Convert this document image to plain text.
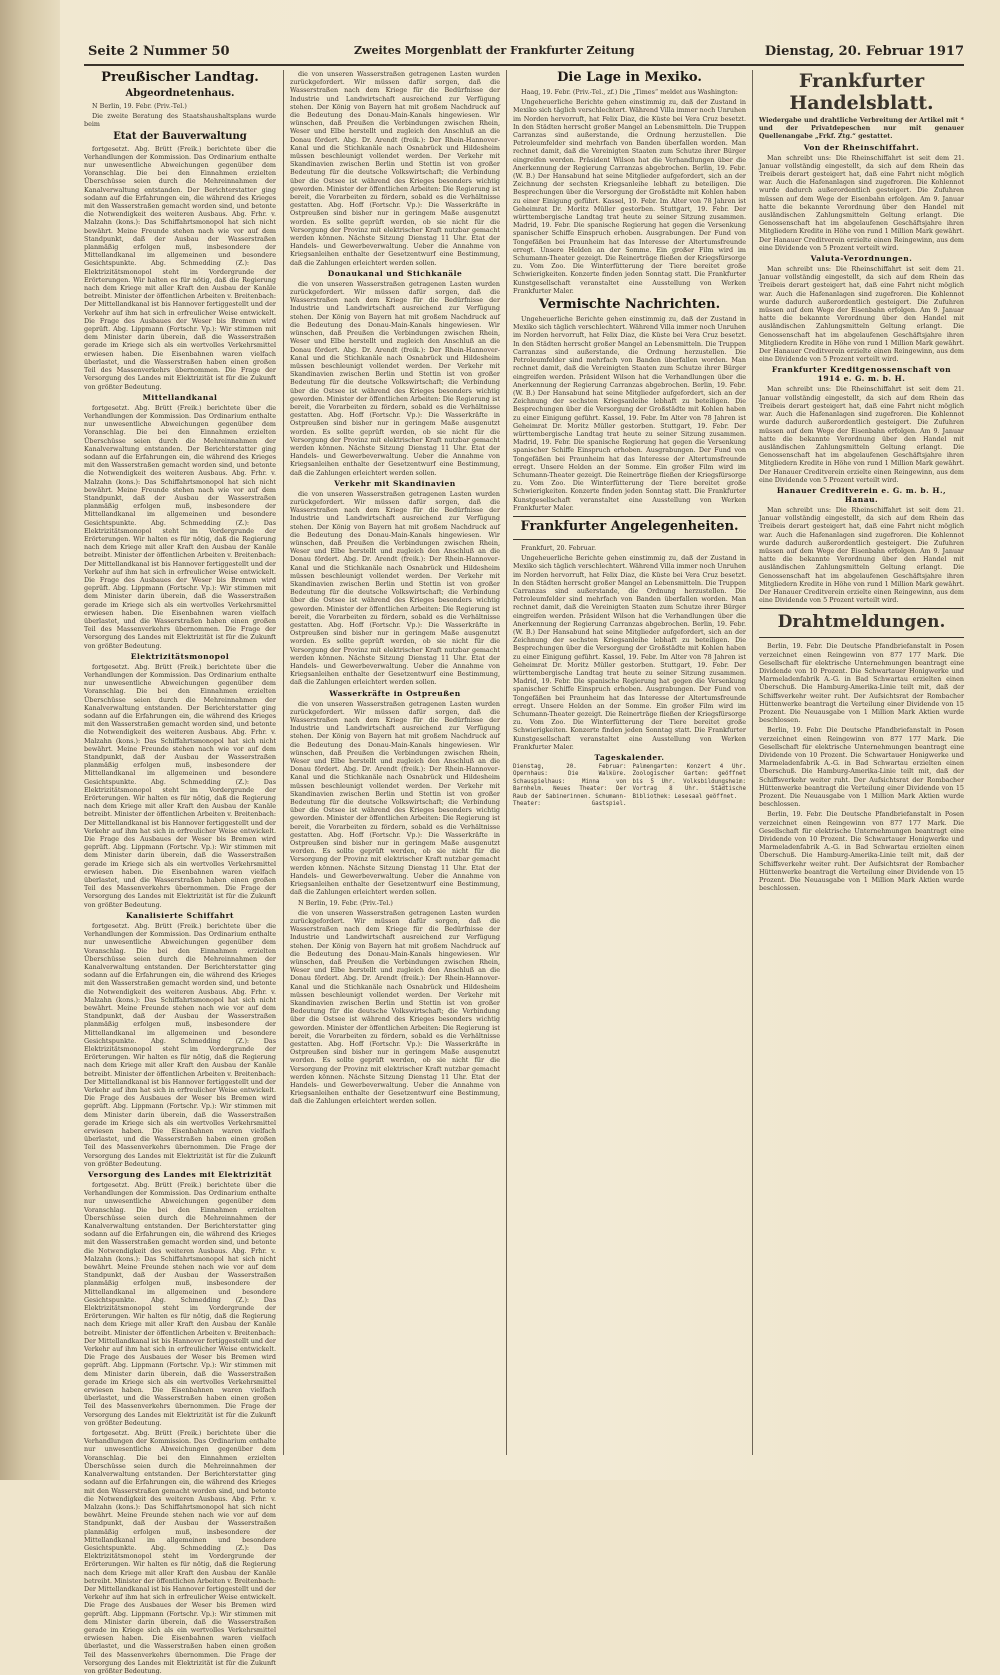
Seite 2 Nummer 50	Zweites Morgenblatt der Frankfurter Zeitung	Dienstag, 20. Februar 1917

Preußischer Landtag.

Abgeordnetenhaus.

N Berlin, 19. Febr. (Priv.-Tel.)

Die zweite Beratung des Staatshaushaltsplans wurde beim

Etat der Bauverwaltung

fortgesetzt. Abg. Brütt (Freik.) berichtete über die Verhandlungen der Kommission. Das Ordinarium enthalte nur unwesentliche Abweichungen gegenüber dem Voranschlag. Die bei den Einnahmen erzielten Überschüsse seien durch die Mehreinnahmen der Kanalverwaltung entstanden. Der Berichterstatter ging sodann auf die Erfahrungen ein, die während des Krieges mit den Wasserstraßen gemacht worden sind, und betonte die Notwendigkeit des weiteren Ausbaus. Abg. Frhr. v. Malzahn (kons.): Das Schiffahrtsmonopol hat sich nicht bewährt. Meine Freunde stehen nach wie vor auf dem Standpunkt, daß der Ausbau der Wasserstraßen planmäßig erfolgen muß, insbesondere der Mittellandkanal im allgemeinen und besondere Gesichtspunkte. Abg. Schmedding (Z.): Das Elektrizitätsmonopol steht im Vordergrunde der Erörterungen. Wir halten es für nötig, daß die Regierung nach dem Kriege mit aller Kraft den Ausbau der Kanäle betreibt. Minister der öffentlichen Arbeiten v. Breitenbach: Der Mittellandkanal ist bis Hannover fertiggestellt und der Verkehr auf ihm hat sich in erfreulicher Weise entwickelt. Die Frage des Ausbaues der Weser bis Bremen wird geprüft. Abg. Lippmann (Fortschr. Vp.): Wir stimmen mit dem Minister darin überein, daß die Wasserstraßen gerade im Kriege sich als ein wertvolles Verkehrsmittel erwiesen haben. Die Eisenbahnen waren vielfach überlastet, und die Wasserstraßen haben einen großen Teil des Massenverkehrs übernommen. Die Frage der Versorgung des Landes mit Elektrizität ist für die Zukunft von größter Bedeutung.

Mittellandkanal

fortgesetzt. Abg. Brütt (Freik.) berichtete über die Verhandlungen der Kommission. Das Ordinarium enthalte nur unwesentliche Abweichungen gegenüber dem Voranschlag. Die bei den Einnahmen erzielten Überschüsse seien durch die Mehreinnahmen der Kanalverwaltung entstanden. Der Berichterstatter ging sodann auf die Erfahrungen ein, die während des Krieges mit den Wasserstraßen gemacht worden sind, und betonte die Notwendigkeit des weiteren Ausbaus. Abg. Frhr. v. Malzahn (kons.): Das Schiffahrtsmonopol hat sich nicht bewährt. Meine Freunde stehen nach wie vor auf dem Standpunkt, daß der Ausbau der Wasserstraßen planmäßig erfolgen muß, insbesondere der Mittellandkanal im allgemeinen und besondere Gesichtspunkte. Abg. Schmedding (Z.): Das Elektrizitätsmonopol steht im Vordergrunde der Erörterungen. Wir halten es für nötig, daß die Regierung nach dem Kriege mit aller Kraft den Ausbau der Kanäle betreibt. Minister der öffentlichen Arbeiten v. Breitenbach: Der Mittellandkanal ist bis Hannover fertiggestellt und der Verkehr auf ihm hat sich in erfreulicher Weise entwickelt. Die Frage des Ausbaues der Weser bis Bremen wird geprüft. Abg. Lippmann (Fortschr. Vp.): Wir stimmen mit dem Minister darin überein, daß die Wasserstraßen gerade im Kriege sich als ein wertvolles Verkehrsmittel erwiesen haben. Die Eisenbahnen waren vielfach überlastet, und die Wasserstraßen haben einen großen Teil des Massenverkehrs übernommen. Die Frage der Versorgung des Landes mit Elektrizität ist für die Zukunft von größter Bedeutung.

Elektrizitätsmonopol

fortgesetzt. Abg. Brütt (Freik.) berichtete über die Verhandlungen der Kommission. Das Ordinarium enthalte nur unwesentliche Abweichungen gegenüber dem Voranschlag. Die bei den Einnahmen erzielten Überschüsse seien durch die Mehreinnahmen der Kanalverwaltung entstanden. Der Berichterstatter ging sodann auf die Erfahrungen ein, die während des Krieges mit den Wasserstraßen gemacht worden sind, und betonte die Notwendigkeit des weiteren Ausbaus. Abg. Frhr. v. Malzahn (kons.): Das Schiffahrtsmonopol hat sich nicht bewährt. Meine Freunde stehen nach wie vor auf dem Standpunkt, daß der Ausbau der Wasserstraßen planmäßig erfolgen muß, insbesondere der Mittellandkanal im allgemeinen und besondere Gesichtspunkte. Abg. Schmedding (Z.): Das Elektrizitätsmonopol steht im Vordergrunde der Erörterungen. Wir halten es für nötig, daß die Regierung nach dem Kriege mit aller Kraft den Ausbau der Kanäle betreibt. Minister der öffentlichen Arbeiten v. Breitenbach: Der Mittellandkanal ist bis Hannover fertiggestellt und der Verkehr auf ihm hat sich in erfreulicher Weise entwickelt. Die Frage des Ausbaues der Weser bis Bremen wird geprüft. Abg. Lippmann (Fortschr. Vp.): Wir stimmen mit dem Minister darin überein, daß die Wasserstraßen gerade im Kriege sich als ein wertvolles Verkehrsmittel erwiesen haben. Die Eisenbahnen waren vielfach überlastet, und die Wasserstraßen haben einen großen Teil des Massenverkehrs übernommen. Die Frage der Versorgung des Landes mit Elektrizität ist für die Zukunft von größter Bedeutung.

Kanalisierte Schiffahrt

fortgesetzt. Abg. Brütt (Freik.) berichtete über die Verhandlungen der Kommission. Das Ordinarium enthalte nur unwesentliche Abweichungen gegenüber dem Voranschlag. Die bei den Einnahmen erzielten Überschüsse seien durch die Mehreinnahmen der Kanalverwaltung entstanden. Der Berichterstatter ging sodann auf die Erfahrungen ein, die während des Krieges mit den Wasserstraßen gemacht worden sind, und betonte die Notwendigkeit des weiteren Ausbaus. Abg. Frhr. v. Malzahn (kons.): Das Schiffahrtsmonopol hat sich nicht bewährt. Meine Freunde stehen nach wie vor auf dem Standpunkt, daß der Ausbau der Wasserstraßen planmäßig erfolgen muß, insbesondere der Mittellandkanal im allgemeinen und besondere Gesichtspunkte. Abg. Schmedding (Z.): Das Elektrizitätsmonopol steht im Vordergrunde der Erörterungen. Wir halten es für nötig, daß die Regierung nach dem Kriege mit aller Kraft den Ausbau der Kanäle betreibt. Minister der öffentlichen Arbeiten v. Breitenbach: Der Mittellandkanal ist bis Hannover fertiggestellt und der Verkehr auf ihm hat sich in erfreulicher Weise entwickelt. Die Frage des Ausbaues der Weser bis Bremen wird geprüft. Abg. Lippmann (Fortschr. Vp.): Wir stimmen mit dem Minister darin überein, daß die Wasserstraßen gerade im Kriege sich als ein wertvolles Verkehrsmittel erwiesen haben. Die Eisenbahnen waren vielfach überlastet, und die Wasserstraßen haben einen großen Teil des Massenverkehrs übernommen. Die Frage der Versorgung des Landes mit Elektrizität ist für die Zukunft von größter Bedeutung.

Versorgung des Landes mit Elektrizität

fortgesetzt. Abg. Brütt (Freik.) berichtete über die Verhandlungen der Kommission. Das Ordinarium enthalte nur unwesentliche Abweichungen gegenüber dem Voranschlag. Die bei den Einnahmen erzielten Überschüsse seien durch die Mehreinnahmen der Kanalverwaltung entstanden. Der Berichterstatter ging sodann auf die Erfahrungen ein, die während des Krieges mit den Wasserstraßen gemacht worden sind, und betonte die Notwendigkeit des weiteren Ausbaus. Abg. Frhr. v. Malzahn (kons.): Das Schiffahrtsmonopol hat sich nicht bewährt. Meine Freunde stehen nach wie vor auf dem Standpunkt, daß der Ausbau der Wasserstraßen planmäßig erfolgen muß, insbesondere der Mittellandkanal im allgemeinen und besondere Gesichtspunkte. Abg. Schmedding (Z.): Das Elektrizitätsmonopol steht im Vordergrunde der Erörterungen. Wir halten es für nötig, daß die Regierung nach dem Kriege mit aller Kraft den Ausbau der Kanäle betreibt. Minister der öffentlichen Arbeiten v. Breitenbach: Der Mittellandkanal ist bis Hannover fertiggestellt und der Verkehr auf ihm hat sich in erfreulicher Weise entwickelt. Die Frage des Ausbaues der Weser bis Bremen wird geprüft. Abg. Lippmann (Fortschr. Vp.): Wir stimmen mit dem Minister darin überein, daß die Wasserstraßen gerade im Kriege sich als ein wertvolles Verkehrsmittel erwiesen haben. Die Eisenbahnen waren vielfach überlastet, und die Wasserstraßen haben einen großen Teil des Massenverkehrs übernommen. Die Frage der Versorgung des Landes mit Elektrizität ist für die Zukunft von größter Bedeutung.

fortgesetzt. Abg. Brütt (Freik.) berichtete über die Verhandlungen der Kommission. Das Ordinarium enthalte nur unwesentliche Abweichungen gegenüber dem Voranschlag. Die bei den Einnahmen erzielten Überschüsse seien durch die Mehreinnahmen der Kanalverwaltung entstanden. Der Berichterstatter ging sodann auf die Erfahrungen ein, die während des Krieges mit den Wasserstraßen gemacht worden sind, und betonte die Notwendigkeit des weiteren Ausbaus. Abg. Frhr. v. Malzahn (kons.): Das Schiffahrtsmonopol hat sich nicht bewährt. Meine Freunde stehen nach wie vor auf dem Standpunkt, daß der Ausbau der Wasserstraßen planmäßig erfolgen muß, insbesondere der Mittellandkanal im allgemeinen und besondere Gesichtspunkte. Abg. Schmedding (Z.): Das Elektrizitätsmonopol steht im Vordergrunde der Erörterungen. Wir halten es für nötig, daß die Regierung nach dem Kriege mit aller Kraft den Ausbau der Kanäle betreibt. Minister der öffentlichen Arbeiten v. Breitenbach: Der Mittellandkanal ist bis Hannover fertiggestellt und der Verkehr auf ihm hat sich in erfreulicher Weise entwickelt. Die Frage des Ausbaues der Weser bis Bremen wird geprüft. Abg. Lippmann (Fortschr. Vp.): Wir stimmen mit dem Minister darin überein, daß die Wasserstraßen gerade im Kriege sich als ein wertvolles Verkehrsmittel erwiesen haben. Die Eisenbahnen waren vielfach überlastet, und die Wasserstraßen haben einen großen Teil des Massenverkehrs übernommen. Die Frage der Versorgung des Landes mit Elektrizität ist für die Zukunft von größter Bedeutung.

die von unseren Wasserstraßen getragenen Lasten wurden zurückgefordert. Wir müssen dafür sorgen, daß die Wasserstraßen nach dem Kriege für die Bedürfnisse der Industrie und Landwirtschaft ausreichend zur Verfügung stehen. Der König von Bayern hat mit großem Nachdruck auf die Bedeutung des Donau-Main-Kanals hingewiesen. Wir wünschen, daß Preußen die Verbindungen zwischen Rhein, Weser und Elbe herstellt und zugleich den Anschluß an die Donau fördert. Abg. Dr. Arendt (freik.): Der Rhein-Hannover-Kanal und die Stichkanäle nach Osnabrück und Hildesheim müssen beschleunigt vollendet werden. Der Verkehr mit Skandinavien zwischen Berlin und Stettin ist von großer Bedeutung für die deutsche Volkswirtschaft; die Verbindung über die Ostsee ist während des Krieges besonders wichtig geworden. Minister der öffentlichen Arbeiten: Die Regierung ist bereit, die Vorarbeiten zu fördern, sobald es die Verhältnisse gestatten. Abg. Hoff (Fortschr. Vp.): Die Wasserkräfte in Ostpreußen sind bisher nur in geringem Maße ausgenutzt worden. Es sollte geprüft werden, ob sie nicht für die Versorgung der Provinz mit elektrischer Kraft nutzbar gemacht werden können. Nächste Sitzung Dienstag 11 Uhr. Etat der Handels- und Gewerbeverwaltung. Ueber die Annahme von Kriegsanleihen enthalte der Gesetzentwurf eine Bestimmung, daß die Zahlungen erleichtert werden sollen.

Donaukanal und Stichkanäle

die von unseren Wasserstraßen getragenen Lasten wurden zurückgefordert. Wir müssen dafür sorgen, daß die Wasserstraßen nach dem Kriege für die Bedürfnisse der Industrie und Landwirtschaft ausreichend zur Verfügung stehen. Der König von Bayern hat mit großem Nachdruck auf die Bedeutung des Donau-Main-Kanals hingewiesen. Wir wünschen, daß Preußen die Verbindungen zwischen Rhein, Weser und Elbe herstellt und zugleich den Anschluß an die Donau fördert. Abg. Dr. Arendt (freik.): Der Rhein-Hannover-Kanal und die Stichkanäle nach Osnabrück und Hildesheim müssen beschleunigt vollendet werden. Der Verkehr mit Skandinavien zwischen Berlin und Stettin ist von großer Bedeutung für die deutsche Volkswirtschaft; die Verbindung über die Ostsee ist während des Krieges besonders wichtig geworden. Minister der öffentlichen Arbeiten: Die Regierung ist bereit, die Vorarbeiten zu fördern, sobald es die Verhältnisse gestatten. Abg. Hoff (Fortschr. Vp.): Die Wasserkräfte in Ostpreußen sind bisher nur in geringem Maße ausgenutzt worden. Es sollte geprüft werden, ob sie nicht für die Versorgung der Provinz mit elektrischer Kraft nutzbar gemacht werden können. Nächste Sitzung Dienstag 11 Uhr. Etat der Handels- und Gewerbeverwaltung. Ueber die Annahme von Kriegsanleihen enthalte der Gesetzentwurf eine Bestimmung, daß die Zahlungen erleichtert werden sollen.

Verkehr mit Skandinavien

die von unseren Wasserstraßen getragenen Lasten wurden zurückgefordert. Wir müssen dafür sorgen, daß die Wasserstraßen nach dem Kriege für die Bedürfnisse der Industrie und Landwirtschaft ausreichend zur Verfügung stehen. Der König von Bayern hat mit großem Nachdruck auf die Bedeutung des Donau-Main-Kanals hingewiesen. Wir wünschen, daß Preußen die Verbindungen zwischen Rhein, Weser und Elbe herstellt und zugleich den Anschluß an die Donau fördert. Abg. Dr. Arendt (freik.): Der Rhein-Hannover-Kanal und die Stichkanäle nach Osnabrück und Hildesheim müssen beschleunigt vollendet werden. Der Verkehr mit Skandinavien zwischen Berlin und Stettin ist von großer Bedeutung für die deutsche Volkswirtschaft; die Verbindung über die Ostsee ist während des Krieges besonders wichtig geworden. Minister der öffentlichen Arbeiten: Die Regierung ist bereit, die Vorarbeiten zu fördern, sobald es die Verhältnisse gestatten. Abg. Hoff (Fortschr. Vp.): Die Wasserkräfte in Ostpreußen sind bisher nur in geringem Maße ausgenutzt worden. Es sollte geprüft werden, ob sie nicht für die Versorgung der Provinz mit elektrischer Kraft nutzbar gemacht werden können. Nächste Sitzung Dienstag 11 Uhr. Etat der Handels- und Gewerbeverwaltung. Ueber die Annahme von Kriegsanleihen enthalte der Gesetzentwurf eine Bestimmung, daß die Zahlungen erleichtert werden sollen.

Wasserkräfte in Ostpreußen

die von unseren Wasserstraßen getragenen Lasten wurden zurückgefordert. Wir müssen dafür sorgen, daß die Wasserstraßen nach dem Kriege für die Bedürfnisse der Industrie und Landwirtschaft ausreichend zur Verfügung stehen. Der König von Bayern hat mit großem Nachdruck auf die Bedeutung des Donau-Main-Kanals hingewiesen. Wir wünschen, daß Preußen die Verbindungen zwischen Rhein, Weser und Elbe herstellt und zugleich den Anschluß an die Donau fördert. Abg. Dr. Arendt (freik.): Der Rhein-Hannover-Kanal und die Stichkanäle nach Osnabrück und Hildesheim müssen beschleunigt vollendet werden. Der Verkehr mit Skandinavien zwischen Berlin und Stettin ist von großer Bedeutung für die deutsche Volkswirtschaft; die Verbindung über die Ostsee ist während des Krieges besonders wichtig geworden. Minister der öffentlichen Arbeiten: Die Regierung ist bereit, die Vorarbeiten zu fördern, sobald es die Verhältnisse gestatten. Abg. Hoff (Fortschr. Vp.): Die Wasserkräfte in Ostpreußen sind bisher nur in geringem Maße ausgenutzt worden. Es sollte geprüft werden, ob sie nicht für die Versorgung der Provinz mit elektrischer Kraft nutzbar gemacht werden können. Nächste Sitzung Dienstag 11 Uhr. Etat der Handels- und Gewerbeverwaltung. Ueber die Annahme von Kriegsanleihen enthalte der Gesetzentwurf eine Bestimmung, daß die Zahlungen erleichtert werden sollen.

N Berlin, 19. Febr. (Priv.-Tel.)

die von unseren Wasserstraßen getragenen Lasten wurden zurückgefordert. Wir müssen dafür sorgen, daß die Wasserstraßen nach dem Kriege für die Bedürfnisse der Industrie und Landwirtschaft ausreichend zur Verfügung stehen. Der König von Bayern hat mit großem Nachdruck auf die Bedeutung des Donau-Main-Kanals hingewiesen. Wir wünschen, daß Preußen die Verbindungen zwischen Rhein, Weser und Elbe herstellt und zugleich den Anschluß an die Donau fördert. Abg. Dr. Arendt (freik.): Der Rhein-Hannover-Kanal und die Stichkanäle nach Osnabrück und Hildesheim müssen beschleunigt vollendet werden. Der Verkehr mit Skandinavien zwischen Berlin und Stettin ist von großer Bedeutung für die deutsche Volkswirtschaft; die Verbindung über die Ostsee ist während des Krieges besonders wichtig geworden. Minister der öffentlichen Arbeiten: Die Regierung ist bereit, die Vorarbeiten zu fördern, sobald es die Verhältnisse gestatten. Abg. Hoff (Fortschr. Vp.): Die Wasserkräfte in Ostpreußen sind bisher nur in geringem Maße ausgenutzt worden. Es sollte geprüft werden, ob sie nicht für die Versorgung der Provinz mit elektrischer Kraft nutzbar gemacht werden können. Nächste Sitzung Dienstag 11 Uhr. Etat der Handels- und Gewerbeverwaltung. Ueber die Annahme von Kriegsanleihen enthalte der Gesetzentwurf eine Bestimmung, daß die Zahlungen erleichtert werden sollen.

Die Lage in Mexiko.

Haag, 19. Febr. (Priv.-Tel., zf.) Die „Times“ meldet aus Washington:

Ungeheuerliche Berichte gehen einstimmig zu, daß der Zustand in Mexiko sich täglich verschlechtert. Während Villa immer noch Unruhen im Norden hervorruft, hat Felix Diaz, die Küste bei Vera Cruz besetzt. In den Städten herrscht großer Mangel an Lebensmitteln. Die Truppen Carranzas sind außerstande, die Ordnung herzustellen. Die Petroleumfelder sind mehrfach von Banden überfallen worden. Man rechnet damit, daß die Vereinigten Staaten zum Schutze ihrer Bürger eingreifen werden. Präsident Wilson hat die Verhandlungen über die Anerkennung der Regierung Carranzas abgebrochen. Berlin, 19. Febr. (W. B.) Der Hansabund hat seine Mitglieder aufgefordert, sich an der Zeichnung der sechsten Kriegsanleihe lebhaft zu beteiligen. Die Besprechungen über die Versorgung der Großstädte mit Kohlen haben zu einer Einigung geführt. Kassel, 19. Febr. Im Alter von 78 Jahren ist Geheimrat Dr. Moritz Müller gestorben. Stuttgart, 19. Febr. Der württembergische Landtag trat heute zu seiner Sitzung zusammen. Madrid, 19. Febr. Die spanische Regierung hat gegen die Versenkung spanischer Schiffe Einspruch erhoben. Ausgrabungen. Der Fund von Tongefäßen bei Praunheim hat das Interesse der Altertumsfreunde erregt. Unsere Helden an der Somme. Ein großer Film wird im Schumann-Theater gezeigt. Die Reinerträge fließen der Kriegsfürsorge zu. Vom Zoo. Die Winterfütterung der Tiere bereitet große Schwierigkeiten. Konzerte finden jeden Sonntag statt. Die Frankfurter Kunstgesellschaft veranstaltet eine Ausstellung von Werken Frankfurter Maler.

Vermischte Nachrichten.

Ungeheuerliche Berichte gehen einstimmig zu, daß der Zustand in Mexiko sich täglich verschlechtert. Während Villa immer noch Unruhen im Norden hervorruft, hat Felix Diaz, die Küste bei Vera Cruz besetzt. In den Städten herrscht großer Mangel an Lebensmitteln. Die Truppen Carranzas sind außerstande, die Ordnung herzustellen. Die Petroleumfelder sind mehrfach von Banden überfallen worden. Man rechnet damit, daß die Vereinigten Staaten zum Schutze ihrer Bürger eingreifen werden. Präsident Wilson hat die Verhandlungen über die Anerkennung der Regierung Carranzas abgebrochen. Berlin, 19. Febr. (W. B.) Der Hansabund hat seine Mitglieder aufgefordert, sich an der Zeichnung der sechsten Kriegsanleihe lebhaft zu beteiligen. Die Besprechungen über die Versorgung der Großstädte mit Kohlen haben zu einer Einigung geführt. Kassel, 19. Febr. Im Alter von 78 Jahren ist Geheimrat Dr. Moritz Müller gestorben. Stuttgart, 19. Febr. Der württembergische Landtag trat heute zu seiner Sitzung zusammen. Madrid, 19. Febr. Die spanische Regierung hat gegen die Versenkung spanischer Schiffe Einspruch erhoben. Ausgrabungen. Der Fund von Tongefäßen bei Praunheim hat das Interesse der Altertumsfreunde erregt. Unsere Helden an der Somme. Ein großer Film wird im Schumann-Theater gezeigt. Die Reinerträge fließen der Kriegsfürsorge zu. Vom Zoo. Die Winterfütterung der Tiere bereitet große Schwierigkeiten. Konzerte finden jeden Sonntag statt. Die Frankfurter Kunstgesellschaft veranstaltet eine Ausstellung von Werken Frankfurter Maler.

Frankfurter Angelegenheiten.

Frankfurt, 20. Februar.

Ungeheuerliche Berichte gehen einstimmig zu, daß der Zustand in Mexiko sich täglich verschlechtert. Während Villa immer noch Unruhen im Norden hervorruft, hat Felix Diaz, die Küste bei Vera Cruz besetzt. In den Städten herrscht großer Mangel an Lebensmitteln. Die Truppen Carranzas sind außerstande, die Ordnung herzustellen. Die Petroleumfelder sind mehrfach von Banden überfallen worden. Man rechnet damit, daß die Vereinigten Staaten zum Schutze ihrer Bürger eingreifen werden. Präsident Wilson hat die Verhandlungen über die Anerkennung der Regierung Carranzas abgebrochen. Berlin, 19. Febr. (W. B.) Der Hansabund hat seine Mitglieder aufgefordert, sich an der Zeichnung der sechsten Kriegsanleihe lebhaft zu beteiligen. Die Besprechungen über die Versorgung der Großstädte mit Kohlen haben zu einer Einigung geführt. Kassel, 19. Febr. Im Alter von 78 Jahren ist Geheimrat Dr. Moritz Müller gestorben. Stuttgart, 19. Febr. Der württembergische Landtag trat heute zu seiner Sitzung zusammen. Madrid, 19. Febr. Die spanische Regierung hat gegen die Versenkung spanischer Schiffe Einspruch erhoben. Ausgrabungen. Der Fund von Tongefäßen bei Praunheim hat das Interesse der Altertumsfreunde erregt. Unsere Helden an der Somme. Ein großer Film wird im Schumann-Theater gezeigt. Die Reinerträge fließen der Kriegsfürsorge zu. Vom Zoo. Die Winterfütterung der Tiere bereitet große Schwierigkeiten. Konzerte finden jeden Sonntag statt. Die Frankfurter Kunstgesellschaft veranstaltet eine Ausstellung von Werken Frankfurter Maler.

Tageskalender.

Dienstag, 20. Februar: Opernhaus: Die Walküre. Schauspielhaus: Minna von Barnhelm. Neues Theater: Der Raub der Sabinerinnen. Schumann-Theater: Gastspiel. Palmengarten: Konzert 4 Uhr. Zoologischer Garten: geöffnet bis 5 Uhr. Volksbildungsheim: Vortrag 8 Uhr. Städtische Bibliothek: Lesesaal geöffnet.

Frankfurter Handelsblatt.

Wiedergabe und drahtliche Verbreitung der Artikel mit * und der Privatdepeschen nur mit genauer Quellenangabe „Frkf. Ztg.“ gestattet.

Von der Rheinschiffahrt.

Man schreibt uns: Die Rheinschiffahrt ist seit dem 21. Januar vollständig eingestellt, da sich auf dem Rhein das Treibeis derart gesteigert hat, daß eine Fahrt nicht möglich war. Auch die Hafenanlagen sind zugefroren. Die Kohlennot wurde dadurch außerordentlich gesteigert. Die Zufuhren müssen auf dem Wege der Eisenbahn erfolgen. Am 9. Januar hatte die bekannte Verordnung über den Handel mit ausländischen Zahlungsmitteln Geltung erlangt. Die Genossenschaft hat im abgelaufenen Geschäftsjahre ihren Mitgliedern Kredite in Höhe von rund 1 Million Mark gewährt. Der Hanauer Creditverein erzielte einen Reingewinn, aus dem eine Dividende von 5 Prozent verteilt wird.

Valuta-Verordnungen.

Man schreibt uns: Die Rheinschiffahrt ist seit dem 21. Januar vollständig eingestellt, da sich auf dem Rhein das Treibeis derart gesteigert hat, daß eine Fahrt nicht möglich war. Auch die Hafenanlagen sind zugefroren. Die Kohlennot wurde dadurch außerordentlich gesteigert. Die Zufuhren müssen auf dem Wege der Eisenbahn erfolgen. Am 9. Januar hatte die bekannte Verordnung über den Handel mit ausländischen Zahlungsmitteln Geltung erlangt. Die Genossenschaft hat im abgelaufenen Geschäftsjahre ihren Mitgliedern Kredite in Höhe von rund 1 Million Mark gewährt. Der Hanauer Creditverein erzielte einen Reingewinn, aus dem eine Dividende von 5 Prozent verteilt wird.

Frankfurter Kreditgenossenschaft von 1914 e. G. m. b. H.

Man schreibt uns: Die Rheinschiffahrt ist seit dem 21. Januar vollständig eingestellt, da sich auf dem Rhein das Treibeis derart gesteigert hat, daß eine Fahrt nicht möglich war. Auch die Hafenanlagen sind zugefroren. Die Kohlennot wurde dadurch außerordentlich gesteigert. Die Zufuhren müssen auf dem Wege der Eisenbahn erfolgen. Am 9. Januar hatte die bekannte Verordnung über den Handel mit ausländischen Zahlungsmitteln Geltung erlangt. Die Genossenschaft hat im abgelaufenen Geschäftsjahre ihren Mitgliedern Kredite in Höhe von rund 1 Million Mark gewährt. Der Hanauer Creditverein erzielte einen Reingewinn, aus dem eine Dividende von 5 Prozent verteilt wird.

Hanauer Creditverein e. G. m. b. H., Hanau.

Man schreibt uns: Die Rheinschiffahrt ist seit dem 21. Januar vollständig eingestellt, da sich auf dem Rhein das Treibeis derart gesteigert hat, daß eine Fahrt nicht möglich war. Auch die Hafenanlagen sind zugefroren. Die Kohlennot wurde dadurch außerordentlich gesteigert. Die Zufuhren müssen auf dem Wege der Eisenbahn erfolgen. Am 9. Januar hatte die bekannte Verordnung über den Handel mit ausländischen Zahlungsmitteln Geltung erlangt. Die Genossenschaft hat im abgelaufenen Geschäftsjahre ihren Mitgliedern Kredite in Höhe von rund 1 Million Mark gewährt. Der Hanauer Creditverein erzielte einen Reingewinn, aus dem eine Dividende von 5 Prozent verteilt wird.

Drahtmeldungen.

Berlin, 19. Febr. Die Deutsche Pfandbriefanstalt in Posen verzeichnet einen Reingewinn von 877 177 Mark. Die Gesellschaft für elektrische Unternehmungen beantragt eine Dividende von 10 Prozent. Die Schwartauer Honigwerke und Marmeladenfabrik A.-G. in Bad Schwartau erzielten einen Überschuß. Die Hamburg-Amerika-Linie teilt mit, daß der Schiffsverkehr weiter ruht. Der Aufsichtsrat der Rombacher Hüttenwerke beantragt die Verteilung einer Dividende von 15 Prozent. Die Neuausgabe von 1 Million Mark Aktien wurde beschlossen.

Berlin, 19. Febr. Die Deutsche Pfandbriefanstalt in Posen verzeichnet einen Reingewinn von 877 177 Mark. Die Gesellschaft für elektrische Unternehmungen beantragt eine Dividende von 10 Prozent. Die Schwartauer Honigwerke und Marmeladenfabrik A.-G. in Bad Schwartau erzielten einen Überschuß. Die Hamburg-Amerika-Linie teilt mit, daß der Schiffsverkehr weiter ruht. Der Aufsichtsrat der Rombacher Hüttenwerke beantragt die Verteilung einer Dividende von 15 Prozent. Die Neuausgabe von 1 Million Mark Aktien wurde beschlossen.

Berlin, 19. Febr. Die Deutsche Pfandbriefanstalt in Posen verzeichnet einen Reingewinn von 877 177 Mark. Die Gesellschaft für elektrische Unternehmungen beantragt eine Dividende von 10 Prozent. Die Schwartauer Honigwerke und Marmeladenfabrik A.-G. in Bad Schwartau erzielten einen Überschuß. Die Hamburg-Amerika-Linie teilt mit, daß der Schiffsverkehr weiter ruht. Der Aufsichtsrat der Rombacher Hüttenwerke beantragt die Verteilung einer Dividende von 15 Prozent. Die Neuausgabe von 1 Million Mark Aktien wurde beschlossen.
